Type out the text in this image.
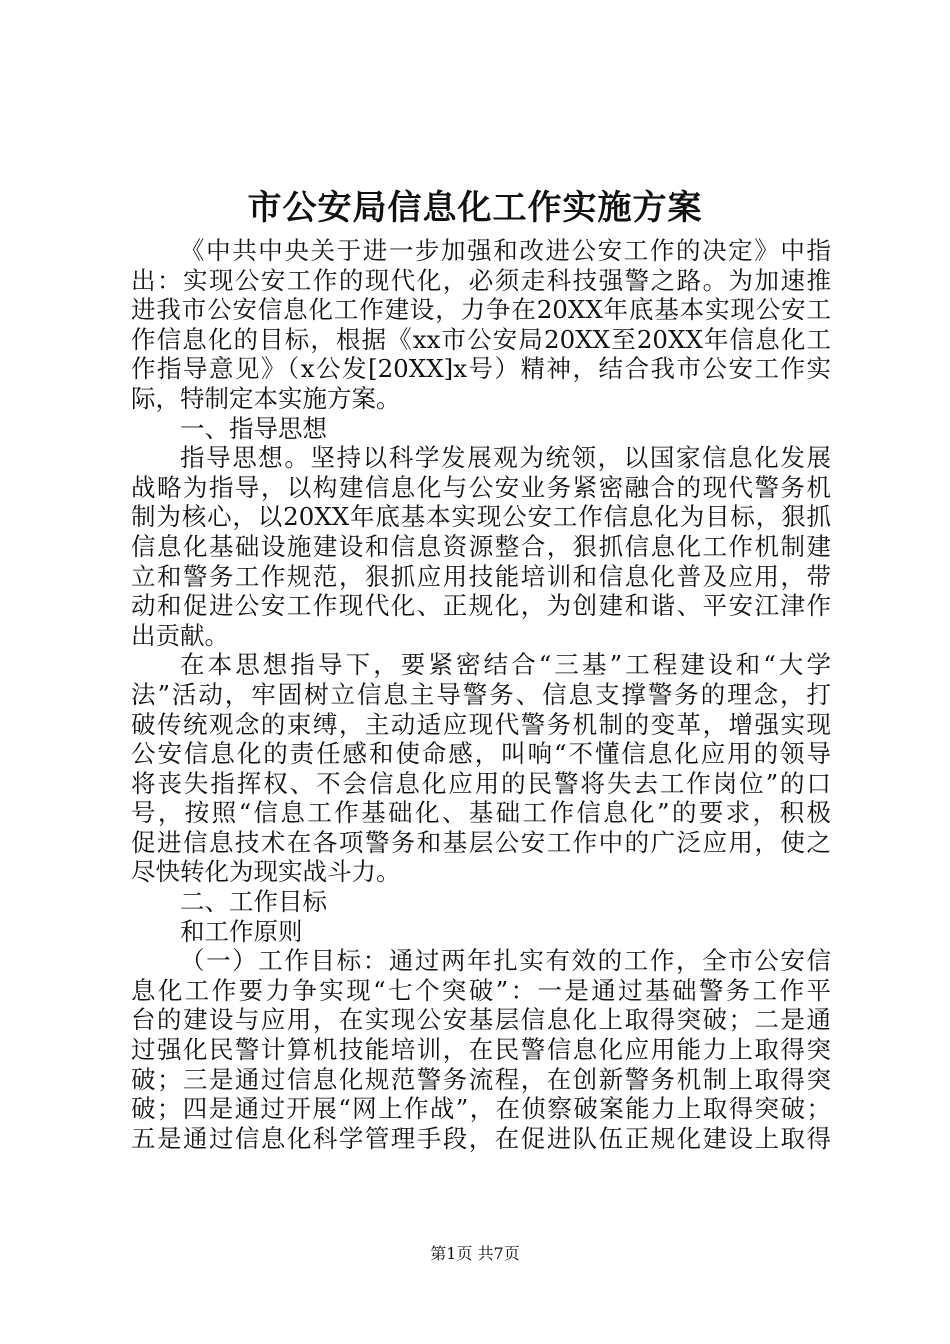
市公安局信息化工作实施方案
《中共中央关于进一步加强和改进公安工作的决定》中指
出：实现公安工作的现代化，必须走科技强警之路。为加速推
进我市公安信息化工作建设，力争在20XX年底基本实现公安工
作信息化的目标，根据《xx市公安局20XX至20XX年信息化工
作指导意见》（x公发[20XX]x号）精神，结合我市公安工作实
际，特制定本实施方案。
一、指导思想
指导思想。坚持以科学发展观为统领，以国家信息化发展
战略为指导，以构建信息化与公安业务紧密融合的现代警务机
制为核心，以20XX年底基本实现公安工作信息化为目标，狠抓
信息化基础设施建设和信息资源整合，狠抓信息化工作机制建
立和警务工作规范，狠抓应用技能培训和信息化普及应用，带
动和促进公安工作现代化、正规化，为创建和谐、平安江津作
出贡献。
在本思想指导下，要紧密结合“三基”工程建设和“大学
法”活动，牢固树立信息主导警务、信息支撑警务的理念，打
破传统观念的束缚，主动适应现代警务机制的变革，增强实现
公安信息化的责任感和使命感，叫响“不懂信息化应用的领导
将丧失指挥权、不会信息化应用的民警将失去工作岗位”的口
号，按照“信息工作基础化、基础工作信息化”的要求，积极
促进信息技术在各项警务和基层公安工作中的广泛应用，使之
尽快转化为现实战斗力。
二、工作目标
和工作原则
（一）工作目标：通过两年扎实有效的工作，全市公安信
息化工作要力争实现“七个突破”：一是通过基础警务工作平
台的建设与应用，在实现公安基层信息化上取得突破；二是通
过强化民警计算机技能培训，在民警信息化应用能力上取得突
破；三是通过信息化规范警务流程，在创新警务机制上取得突
破；四是通过开展“网上作战”，在侦察破案能力上取得突破；
五是通过信息化科学管理手段，在促进队伍正规化建设上取得
第1页 共7页
